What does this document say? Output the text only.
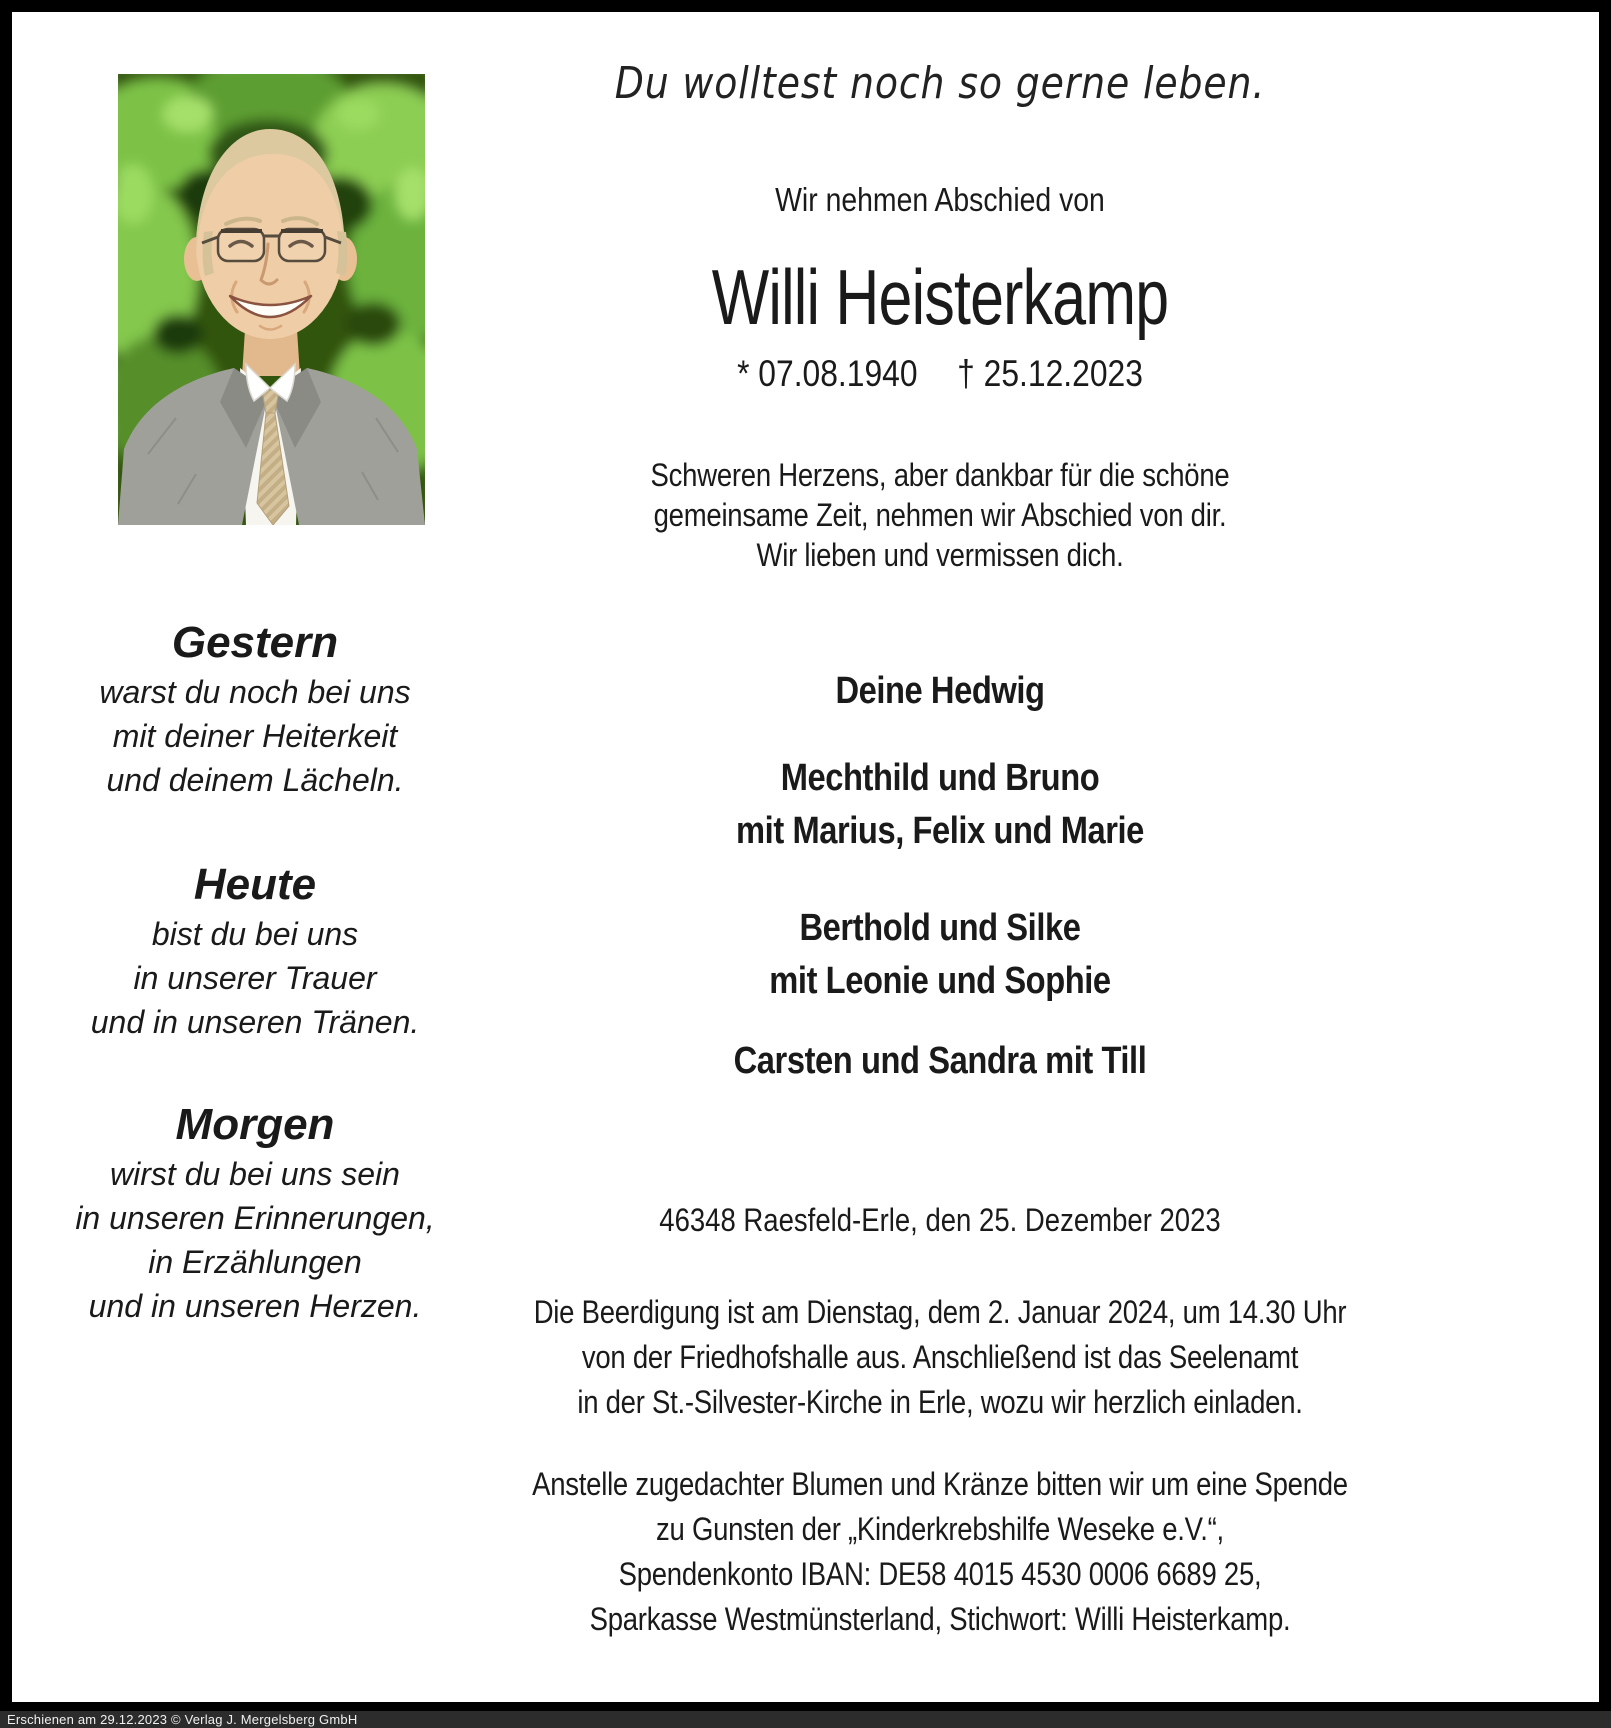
Gestern
warst du noch bei uns
mit deiner Heiterkeit
und deinem Lächeln.
Heute
bist du bei uns
in unserer Trauer
und in unseren Tränen.
Morgen
wirst du bei uns sein
in unseren Erinnerungen,
in Erzählungen
und in unseren Herzen.
Du wolltest noch so gerne leben.
Wir nehmen Abschied von
Willi Heisterkamp
* 07.08.1940 † 25.12.2023
Schweren Herzens, aber dankbar für die schöne
gemeinsame Zeit, nehmen wir Abschied von dir.
Wir lieben und vermissen dich.
Deine Hedwig
Mechthild und Bruno
mit Marius, Felix und Marie
Berthold und Silke
mit Leonie und Sophie
Carsten und Sandra mit Till
46348 Raesfeld-Erle, den 25. Dezember 2023
Die Beerdigung ist am Dienstag, dem 2. Januar 2024, um 14.30 Uhr
von der Friedhofshalle aus. Anschließend ist das Seelenamt
in der St.-Silvester-Kirche in Erle, wozu wir herzlich einladen.
Anstelle zugedachter Blumen und Kränze bitten wir um eine Spende
zu Gunsten der „Kinderkrebshilfe Weseke e.V.“,
Spendenkonto IBAN: DE58 4015 4530 0006 6689 25,
Sparkasse Westmünsterland, Stichwort: Willi Heisterkamp.
Erschienen am 29.12.2023 © Verlag J. Mergelsberg GmbH
